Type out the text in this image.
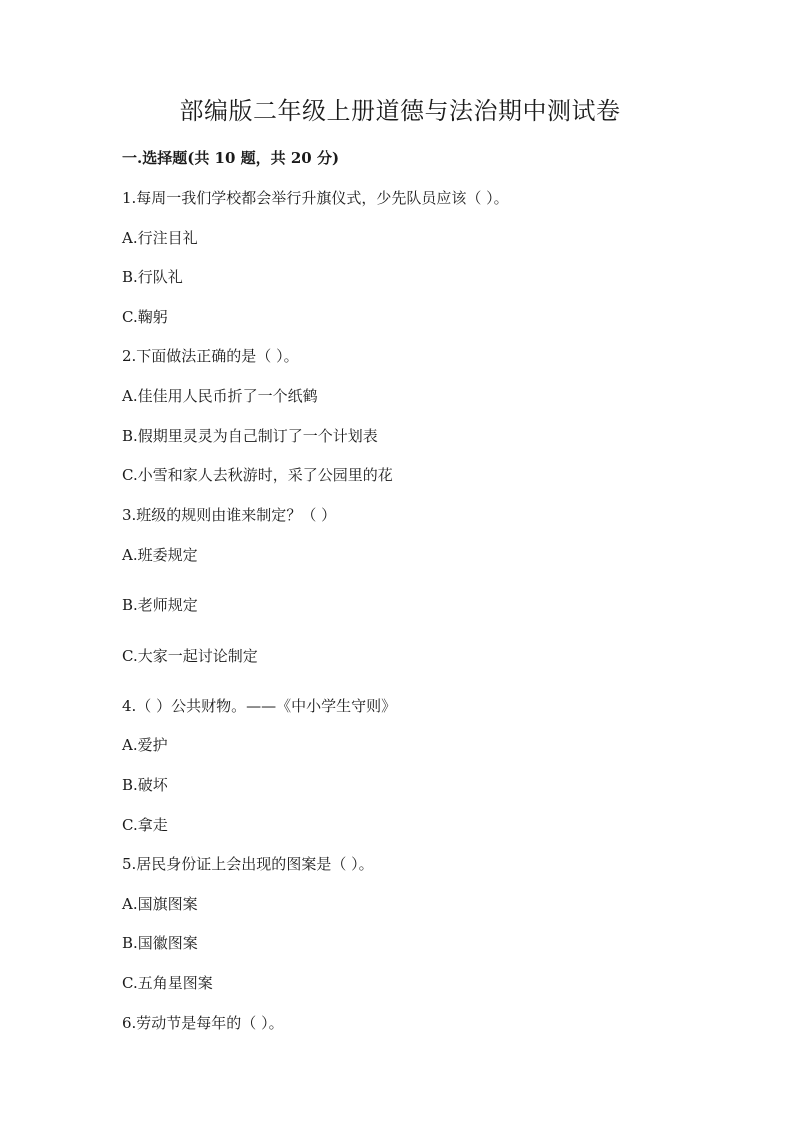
部编版二年级上册道德与法治期中测试卷

一.选择题(共 10 题，共 20 分)

1.每周一我们学校都会举行升旗仪式，少先队员应该（ ）。

A.行注目礼

B.行队礼

C.鞠躬

2.下面做法正确的是（ ）。

A.佳佳用人民币折了一个纸鹤

B.假期里灵灵为自己制订了一个计划表

C.小雪和家人去秋游时，采了公园里的花

3.班级的规则由谁来制定？（ ）

A.班委规定

B.老师规定

C.大家一起讨论制定

4.（ ）公共财物。——《中小学生守则》

A.爱护

B.破坏

C.拿走

5.居民身份证上会出现的图案是（ ）。

A.国旗图案

B.国徽图案

C.五角星图案

6.劳动节是每年的（ ）。
